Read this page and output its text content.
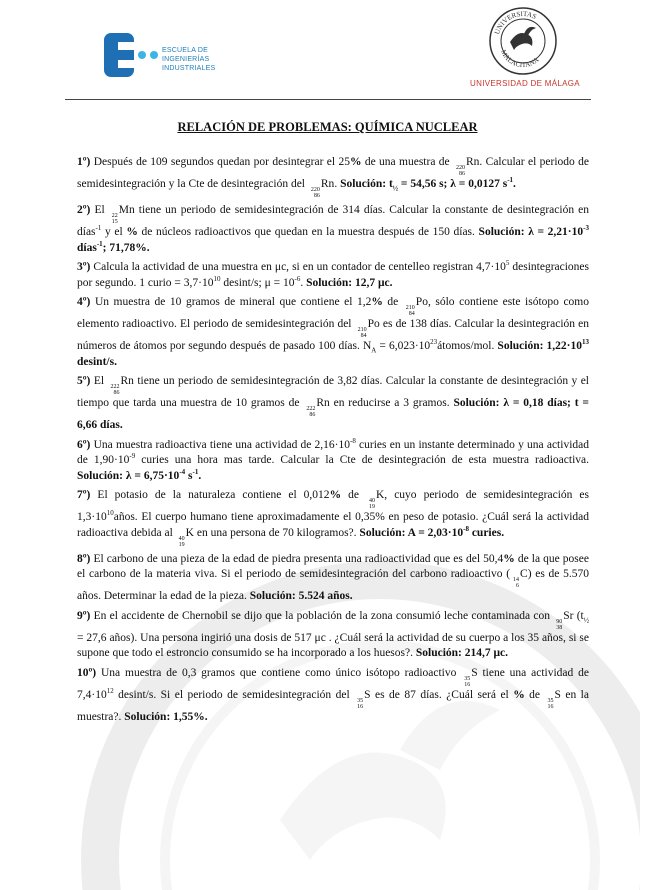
ESCUELA DE
INGENIERÍAS
INDUSTRIALES
UNIVERSITAS
MALACITANA
UNIVERSIDAD DE MÁLAGA
RELACIÓN DE PROBLEMAS: QUÍMICA NUCLEAR

1º) Después de 109 segundos quedan por desintegrar el 25% de una muestra de 220
86
Rn. Calcular el periodo de semidesintegración y la Cte de desintegración del 220
86
Rn. Solución: $t_{\frac{1}{2}} = 54,56$ s; λ = 0,0127 $s^{-1}$.

2º) El 22
15
Mn tiene un periodo de semidesintegración de 314 días. Calcular la constante de desintegración en días$^{-1}$ y el % de núcleos radioactivos que quedan en la muestra después de 150 días. Solución: $\lambda = 2,21\cdot 10^{-3}$ días$^{-1}$; 71,78%.

3º) Calcula la actividad de una muestra en μc, si en un contador de centelleo registran $4,7\cdot 10^5$ desintegraciones por segundo. 1 curio = $3,7\cdot 10^{10}$ desint/s; $\mu = 10^{-6}$. Solución: 12,7 μc.

4º) Un muestra de 10 gramos de mineral que contiene el 1,2% de 210
84
Po, sólo contiene este isótopo como elemento radioactivo. El periodo de semidesintegración del 210
84
Po es de 138 días. Calcular la desintegración en números de átomos por segundo después de pasado 100 días. $N_A$ = $6,023\cdot 10^{23}átomos$/mol. Solución: $1,22\cdot 10^{13}$ desint/s.

5º) El 222
86
Rn tiene un periodo de semidesintegración de 3,82 días. Calcular la constante de desintegración y el tiempo que tarda una muestra de 10 gramos de 222
86
Rn en reducirse a 3 gramos. Solución: λ = 0,18 días; t = 6,66 días.

6º) Una muestra radioactiva tiene una actividad de $2,16\cdot 10^{-8}$ curies en un instante determinado y una actividad de $1,90\cdot 10^{-9}$ curies una hora mas tarde. Calcular la Cte de desintegración de esta muestra radioactiva. Solución: $\lambda = 6,75\cdot 10^{-4}$ $s^{-1}$.

7º) El potasio de la naturaleza contiene el 0,012% de 40
19
K, cuyo periodo de semidesintegración es $1,3\cdot 10^{10}años$. El cuerpo humano tiene aproximadamente el 0,35% en peso de potasio. ¿Cuál será la actividad radioactiva debida al 40
19
K en una persona de 70 kilogramos?. Solución: $A = 2,03\cdot 10^{-8}$ curies.

8º) El carbono de una pieza de la edad de piedra presenta una radioactividad que es del 50,4% de la que posee el carbono de la materia viva. Si el periodo de semidesintegración del carbono radioactivo ( 14
6
C) es de 5.570 años. Determinar la edad de la pieza. Solución: 5.524 años.

9º) En el accidente de Chernobil se dijo que la población de la zona consumió leche contaminada con 90
38
Sr ($t_{\frac{1}{2}} = 27,6$ años). Una persona ingirió una dosis de 517 μc . ¿Cuál será la actividad de su cuerpo a los 35 años, si se supone que todo el estroncio consumido se ha incorporado a los huesos?. Solución: 214,7 μc.

10º) Una muestra de 0,3 gramos que contiene como único isótopo radioactivo 35
16
S tiene una actividad de $7,4\cdot 10^{12}$ desint/s. Si el periodo de semidesintegración del 35
16
S es de 87 días. ¿Cuál será el % de 35
16
S en la muestra?. Solución: 1,55%.
